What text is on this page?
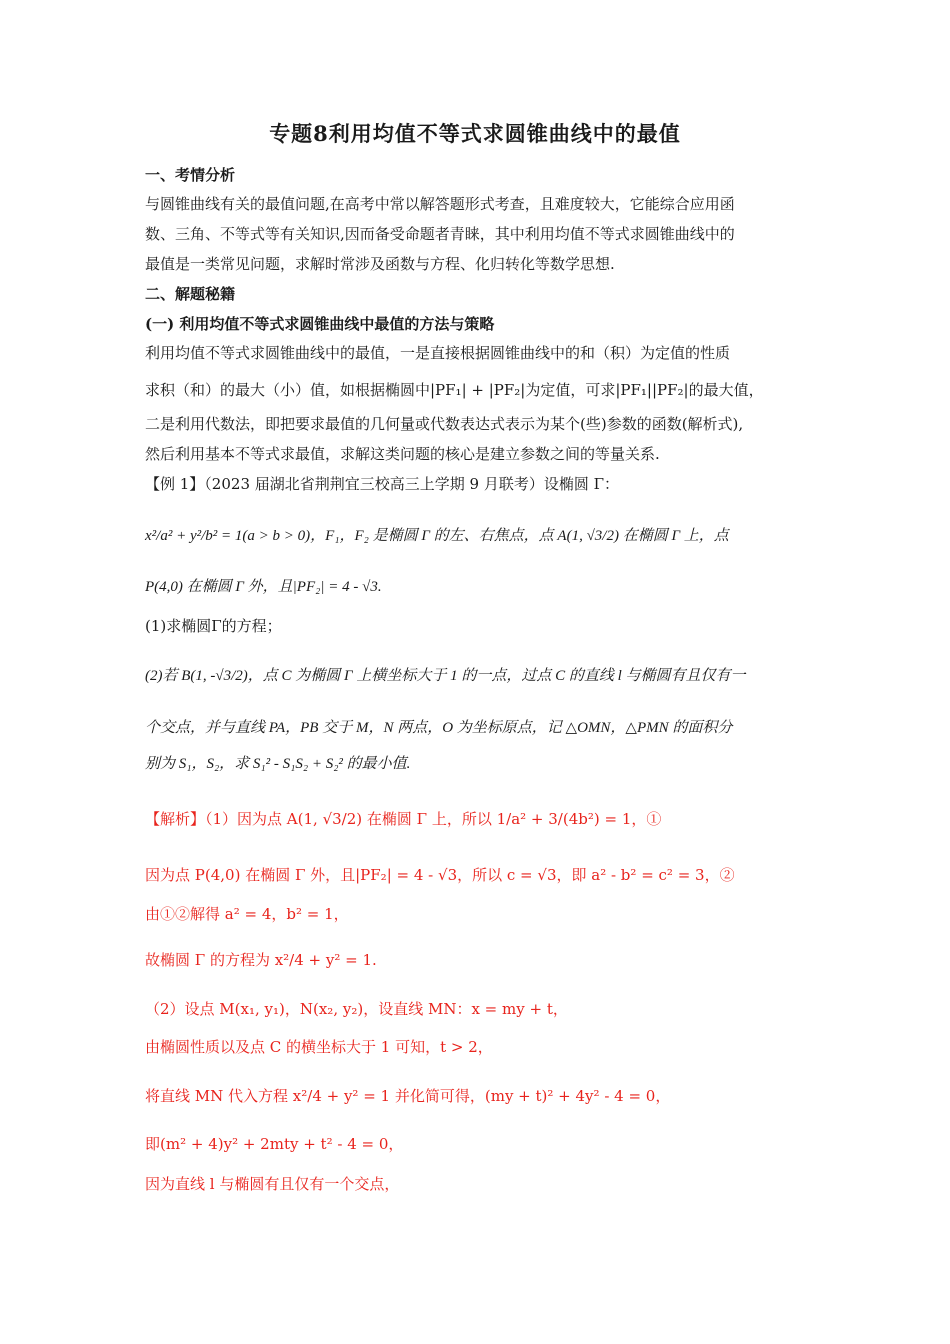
专题8利用均值不等式求圆锥曲线中的最值
一、考情分析
与圆锥曲线有关的最值问题,在高考中常以解答题形式考查，且难度较大，它能综合应用函
数、三角、不等式等有关知识,因而备受命题者青睐，其中利用均值不等式求圆锥曲线中的
最值是一类常见问题，求解时常涉及函数与方程、化归转化等数学思想.
二、解题秘籍
(一) 利用均值不等式求圆锥曲线中最值的方法与策略
利用均值不等式求圆锥曲线中的最值，一是直接根据圆锥曲线中的和（积）为定值的性质
求积（和）的最大（小）值，如根据椭圆中|PF₁| + |PF₂|为定值，可求|PF₁||PF₂|的最大值，
二是利用代数法，即把要求最值的几何量或代数表达式表示为某个(些)参数的函数(解析式),
然后利用基本不等式求最值，求解这类问题的核心是建立参数之间的等量关系.
【例 1】（2023 届湖北省荆荆宜三校高三上学期 9 月联考）设椭圆 Γ：
x²/a² + y²/b² = 1(a > b > 0)，F₁，F₂ 是椭圆 Γ 的左、右焦点，点 A(1, √3/2) 在椭圆 Γ 上，点
P(4,0) 在椭圆 Γ 外，且|PF₂| = 4 - √3.
(1)求椭圆Γ的方程；
(2)若 B(1, -√3/2)，点 C 为椭圆 Γ 上横坐标大于 1 的一点，过点 C 的直线 l 与椭圆有且仅有一
个交点，并与直线 PA，PB 交于 M，N 两点，O 为坐标原点，记 △OMN，△PMN 的面积分
别为 S₁，S₂，求 S₁² - S₁S₂ + S₂² 的最小值.
【解析】（1）因为点 A(1, √3/2) 在椭圆 Γ 上，所以 1/a² + 3/(4b²) = 1，①
因为点 P(4,0) 在椭圆 Γ 外，且|PF₂| = 4 - √3，所以 c = √3，即 a² - b² = c² = 3，②
由①②解得 a² = 4，b² = 1，
故椭圆 Γ 的方程为 x²/4 + y² = 1.
（2）设点 M(x₁, y₁)，N(x₂, y₂)，设直线 MN：x = my + t，
由椭圆性质以及点 C 的横坐标大于 1 可知，t > 2，
将直线 MN 代入方程 x²/4 + y² = 1 并化简可得，(my + t)² + 4y² - 4 = 0，
即(m² + 4)y² + 2mty + t² - 4 = 0，
因为直线 l 与椭圆有且仅有一个交点，
